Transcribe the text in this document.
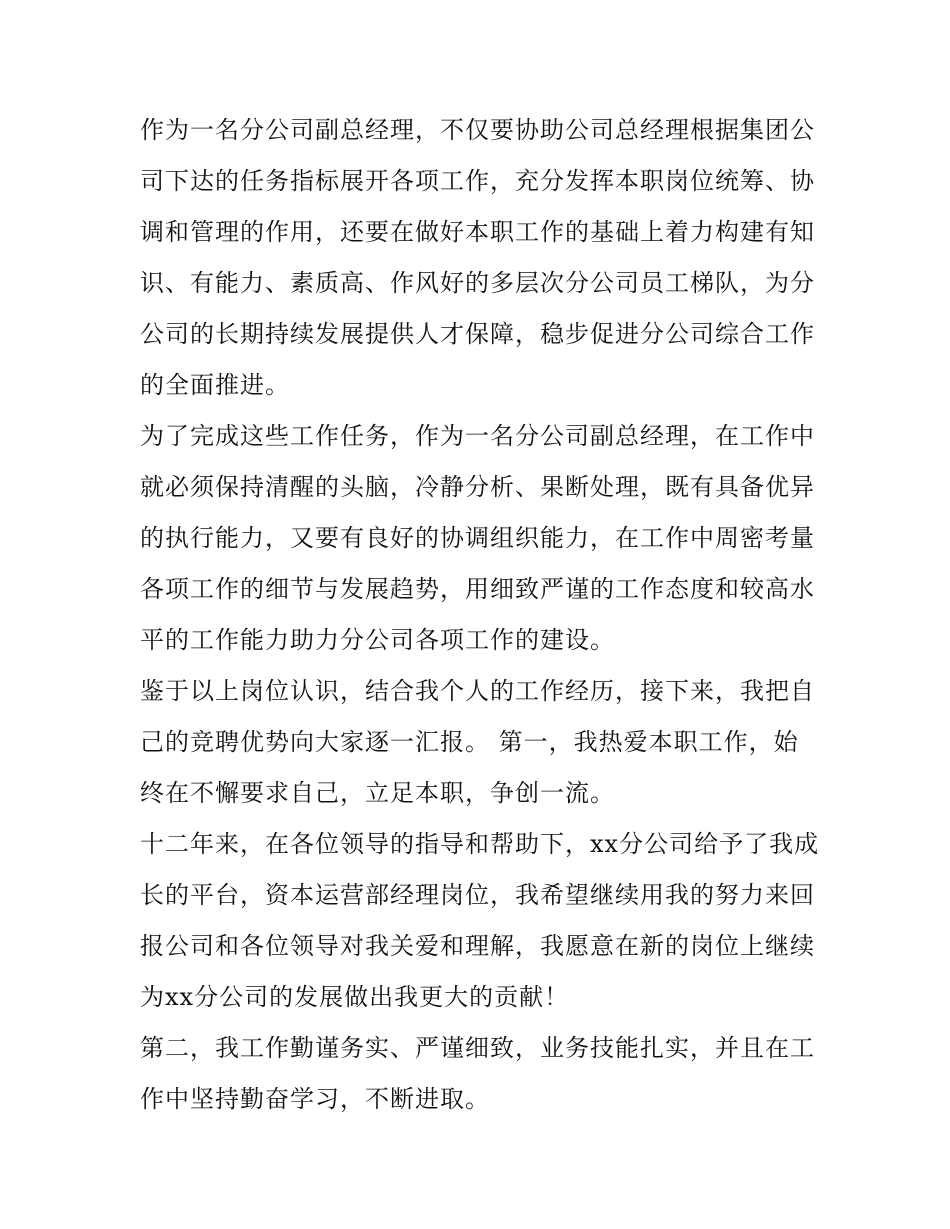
作为一名分公司副总经理，不仅要协助公司总经理根据集团公司下达的任务指标展开各项工作，充分发挥本职岗位统筹、协调和管理的作用，还要在做好本职工作的基础上着力构建有知识、有能力、素质高、作风好的多层次分公司员工梯队，为分公司的长期持续发展提供人才保障，稳步促进分公司综合工作的全面推进。

为了完成这些工作任务，作为一名分公司副总经理，在工作中就必须保持清醒的头脑，冷静分析、果断处理，既有具备优异的执行能力，又要有良好的协调组织能力，在工作中周密考量各项工作的细节与发展趋势，用细致严谨的工作态度和较高水平的工作能力助力分公司各项工作的建设。

鉴于以上岗位认识，结合我个人的工作经历，接下来，我把自己的竞聘优势向大家逐一汇报。 第一，我热爱本职工作，始终在不懈要求自己，立足本职，争创一流。

十二年来，在各位领导的指导和帮助下，xx分公司给予了我成长的平台，资本运营部经理岗位，我希望继续用我的努力来回报公司和各位领导对我关爱和理解，我愿意在新的岗位上继续为xx分公司的发展做出我更大的贡献！

第二，我工作勤谨务实、严谨细致，业务技能扎实，并且在工作中坚持勤奋学习，不断进取。
